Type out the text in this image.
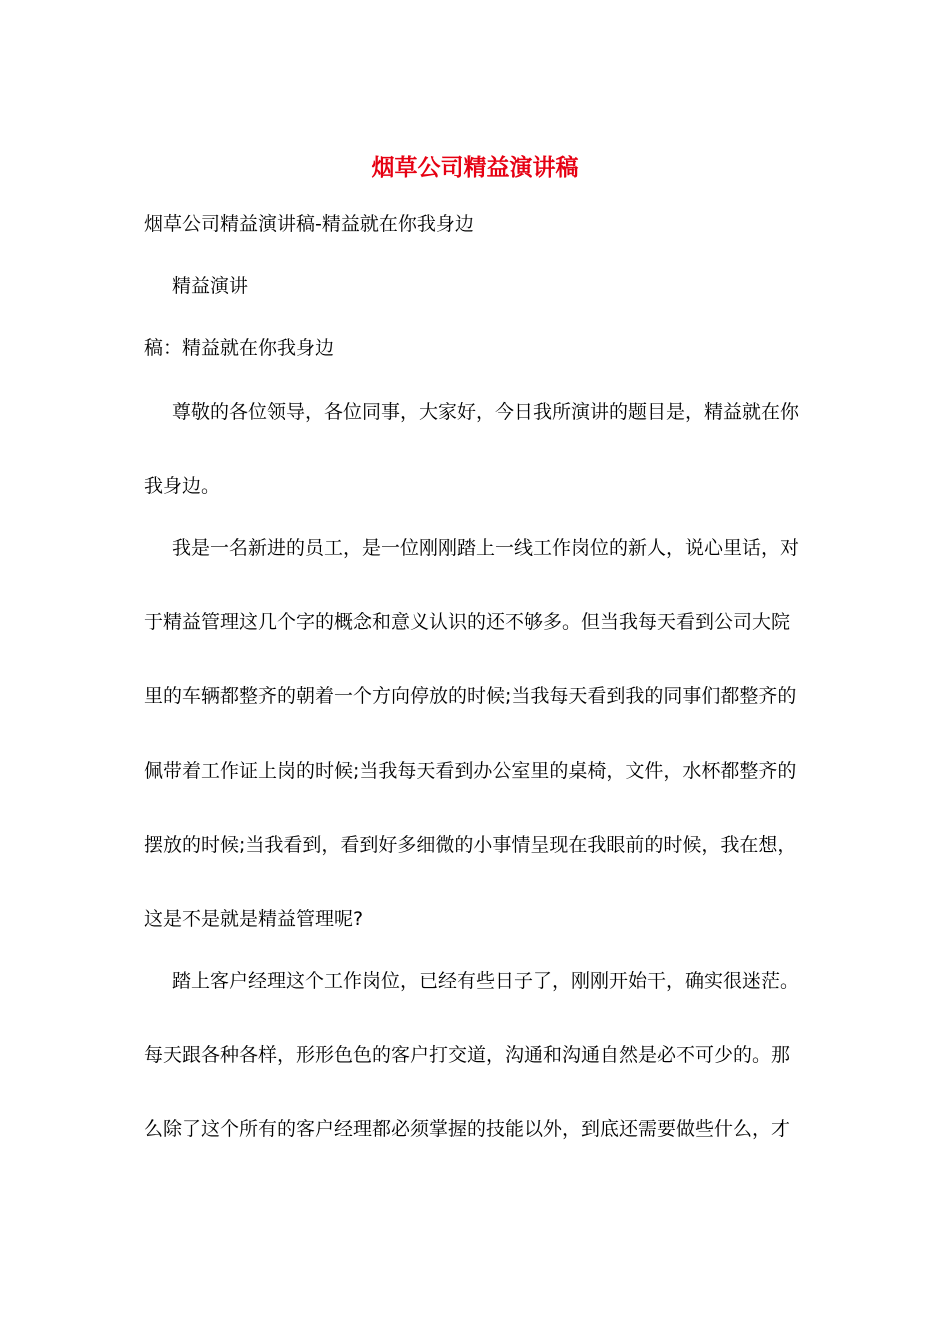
烟草公司精益演讲稿
烟草公司精益演讲稿-精益就在你我身边
精益演讲
稿：精益就在你我身边
尊敬的各位领导，各位同事，大家好，今日我所演讲的题目是，精益就在你
我身边。
我是一名新进的员工，是一位刚刚踏上一线工作岗位的新人，说心里话，对
于精益管理这几个字的概念和意义认识的还不够多。但当我每天看到公司大院
里的车辆都整齐的朝着一个方向停放的时候;当我每天看到我的同事们都整齐的
佩带着工作证上岗的时候;当我每天看到办公室里的桌椅，文件，水杯都整齐的
摆放的时候;当我看到，看到好多细微的小事情呈现在我眼前的时候，我在想，
这是不是就是精益管理呢?
踏上客户经理这个工作岗位，已经有些日子了，刚刚开始干，确实很迷茫。
每天跟各种各样，形形色色的客户打交道，沟通和沟通自然是必不可少的。那
么除了这个所有的客户经理都必须掌握的技能以外，到底还需要做些什么，才
